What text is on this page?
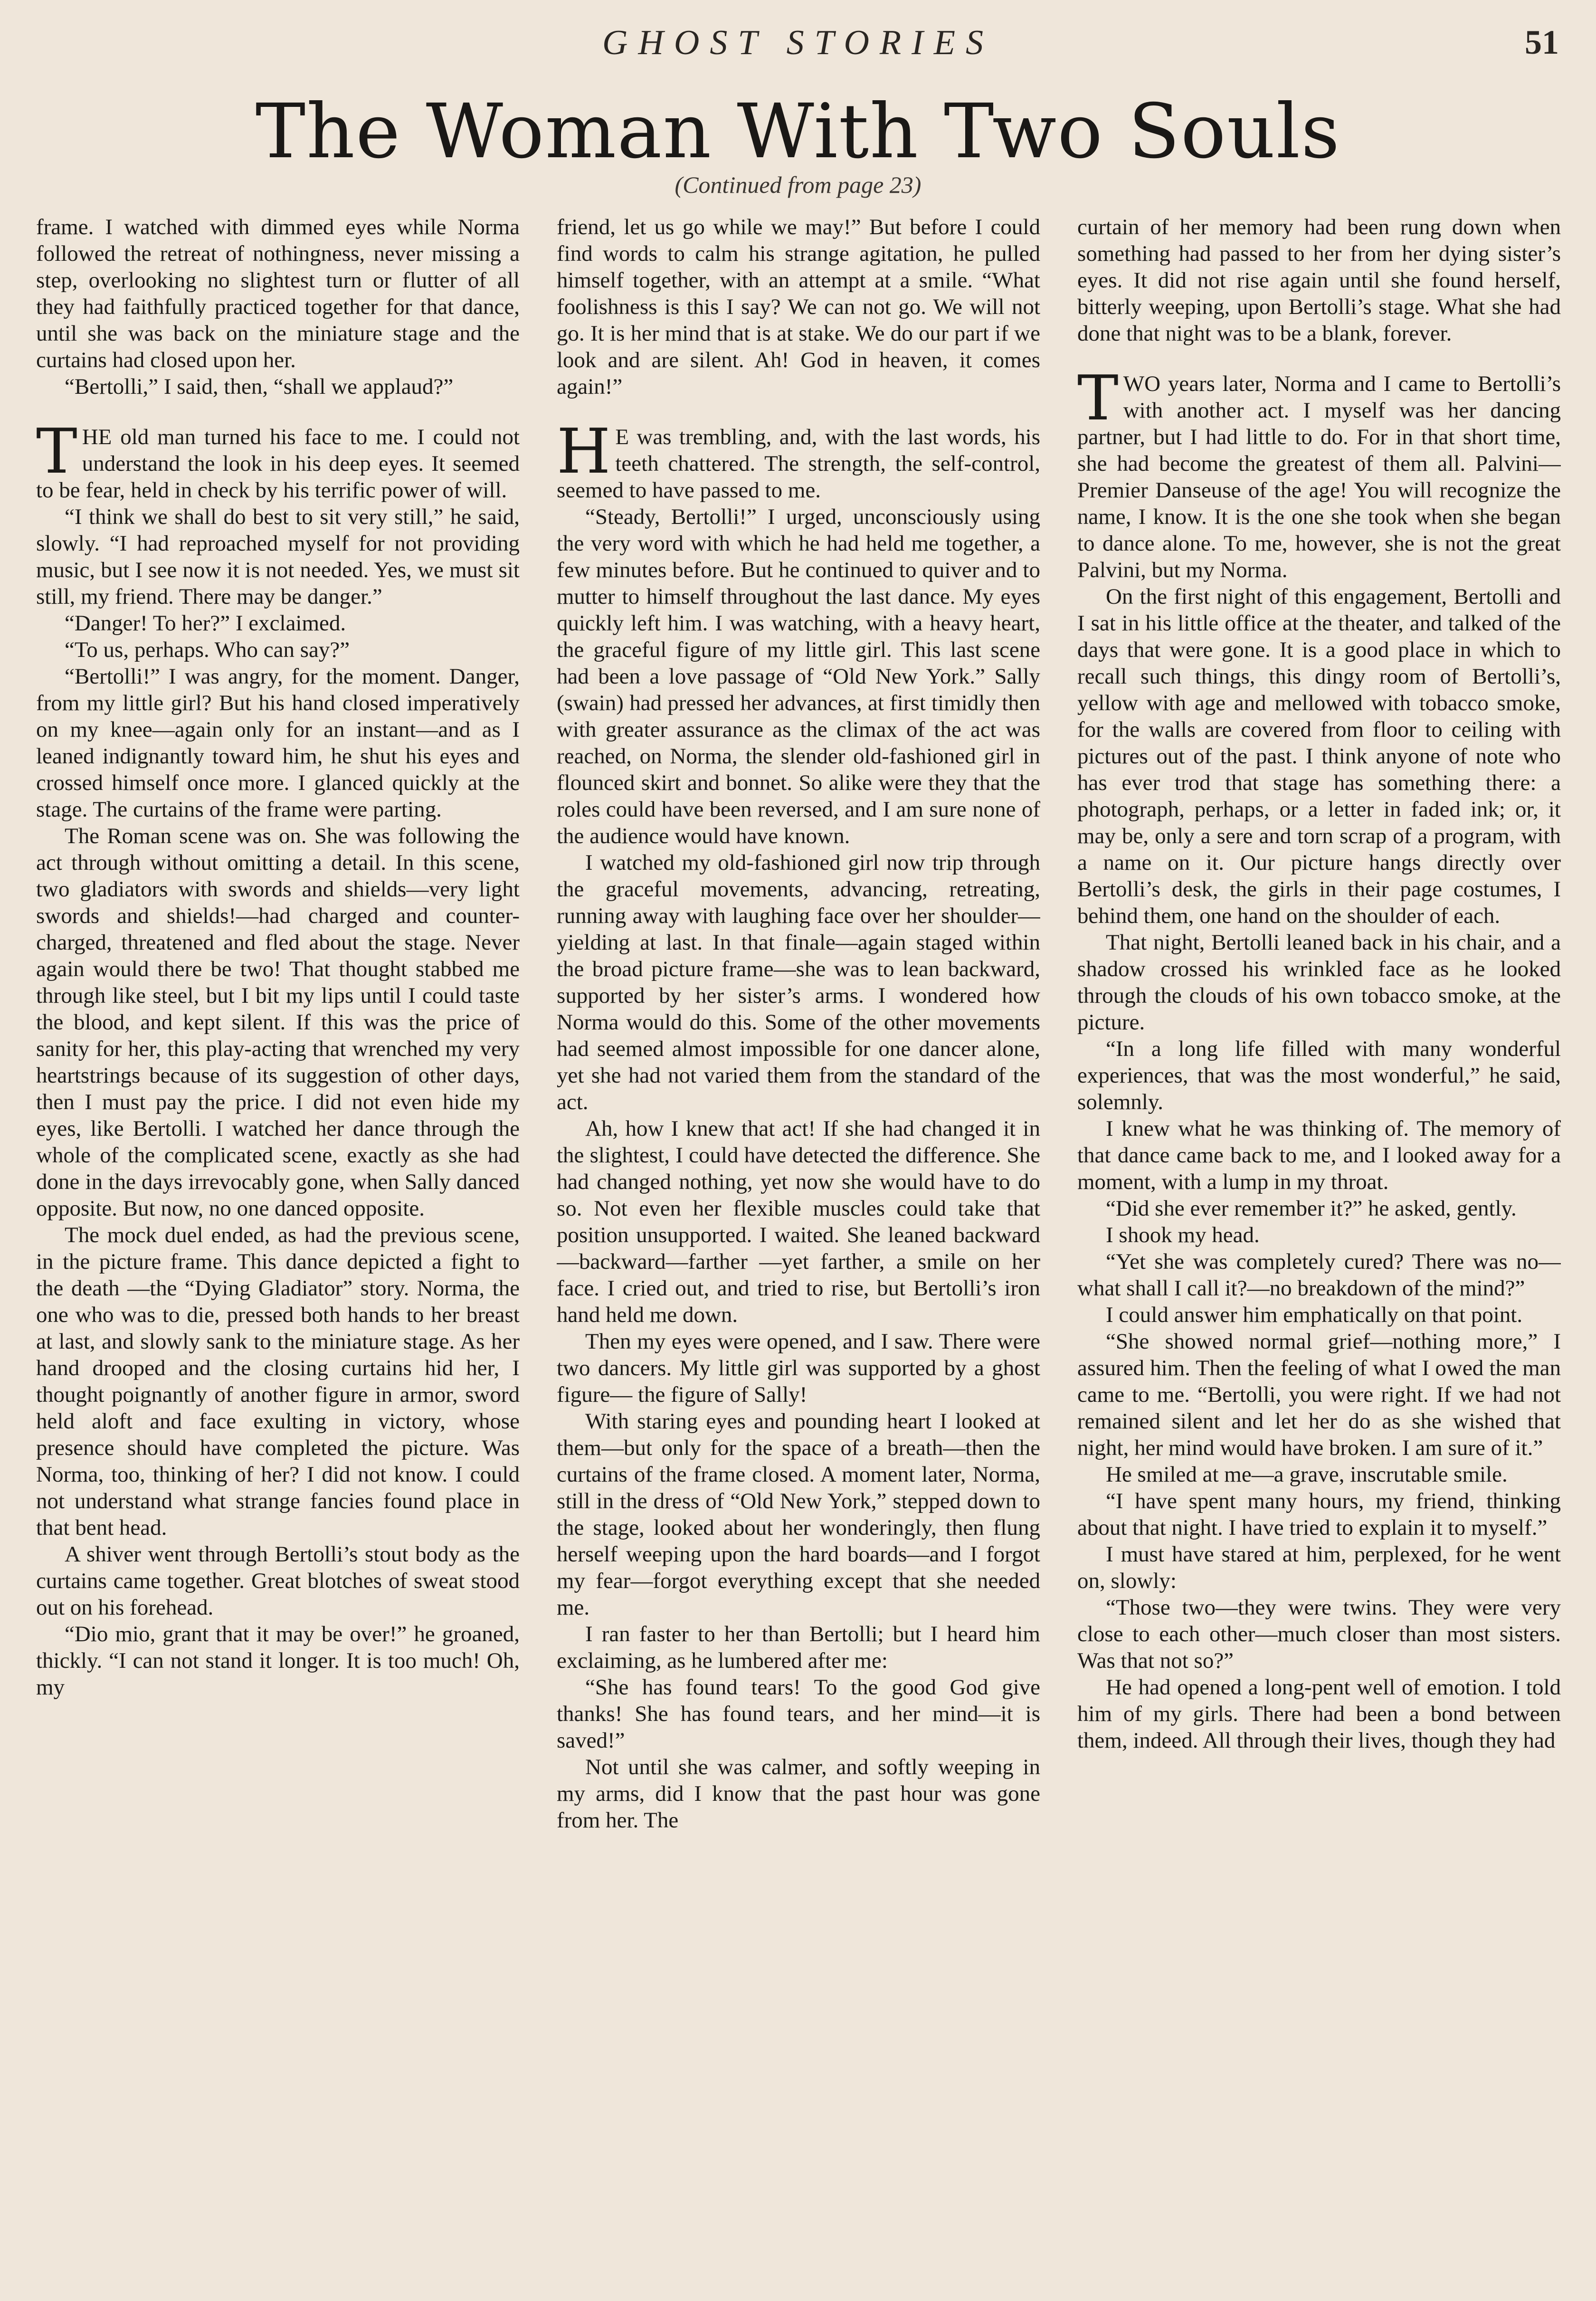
GHOST STORIES	51
The Woman With Two Souls
(Continued from page 23)

frame. I watched with dimmed eyes while Norma followed the retreat of nothingness, never missing a step, overlooking no slightest turn or flutter of all they had faithfully practiced together for that dance, until she was back on the miniature stage and the curtains had closed upon her.

“Bertolli,” I said, then, “shall we applaud?”

THE old man turned his face to me. I could not understand the look in his deep eyes. It seemed to be fear, held in check by his terrific power of will.

“I think we shall do best to sit very still,” he said, slowly. “I had reproached myself for not providing music, but I see now it is not needed. Yes, we must sit still, my friend. There may be danger.”

“Danger! To her?” I exclaimed.

“To us, perhaps. Who can say?”

“Bertolli!” I was angry, for the moment. Danger, from my little girl? But his hand closed imperatively on my knee—again only for an instant—and as I leaned indignantly toward him, he shut his eyes and crossed himself once more. I glanced quickly at the stage. The curtains of the frame were parting.

The Roman scene was on. She was following the act through without omitting a detail. In this scene, two gladiators with swords and shields—very light swords and shields!—had charged and counter-charged, threatened and fled about the stage. Never again would there be two! That thought stabbed me through like steel, but I bit my lips until I could taste the blood, and kept silent. If this was the price of sanity for her, this play-acting that wrenched my very heartstrings because of its suggestion of other days, then I must pay the price. I did not even hide my eyes, like Bertolli. I watched her dance through the whole of the complicated scene, exactly as she had done in the days irrevocably gone, when Sally danced opposite. But now, no one danced opposite.

The mock duel ended, as had the previous scene, in the picture frame. This dance depicted a fight to the death —the “Dying Gladiator” story. Norma, the one who was to die, pressed both hands to her breast at last, and slowly sank to the miniature stage. As her hand drooped and the closing curtains hid her, I thought poignantly of another figure in armor, sword held aloft and face exulting in victory, whose presence should have completed the picture. Was Norma, too, thinking of her? I did not know. I could not understand what strange fancies found place in that bent head.

A shiver went through Bertolli’s stout body as the curtains came together. Great blotches of sweat stood out on his forehead.

“Dio mio, grant that it may be over!” he groaned, thickly. “I can not stand it longer. It is too much! Oh, my

friend, let us go while we may!” But before I could find words to calm his strange agitation, he pulled himself together, with an attempt at a smile. “What foolishness is this I say? We can not go. We will not go. It is her mind that is at stake. We do our part if we look and are silent. Ah! God in heaven, it comes again!”

H E was trembling, and, with the last words, his teeth chattered. The strength, the self-control, seemed to have passed to me.

“Steady, Bertolli!” I urged, unconsciously using the very word with which he had held me together, a few minutes before. But he continued to quiver and to mutter to himself throughout the last dance. My eyes quickly left him. I was watching, with a heavy heart, the graceful figure of my little girl. This last scene had been a love passage of “Old New York.” Sally (swain) had pressed her advances, at first timidly then with greater assurance as the climax of the act was reached, on Norma, the slender old-fashioned girl in flounced skirt and bonnet. So alike were they that the roles could have been reversed, and I am sure none of the audience would have known.

I watched my old-fashioned girl now trip through the graceful movements, advancing, retreating, running away with laughing face over her shoulder—yielding at last. In that finale—again staged within the broad picture frame—she was to lean backward, supported by her sister’s arms. I wondered how Norma would do this. Some of the other movements had seemed almost impossible for one dancer alone, yet she had not varied them from the standard of the act.

Ah, how I knew that act! If she had changed it in the slightest, I could have detected the difference. She had changed nothing, yet now she would have to do so. Not even her flexible muscles could take that position unsupported. I waited. She leaned backward—backward—farther —yet farther, a smile on her face. I cried out, and tried to rise, but Bertolli’s iron hand held me down.

Then my eyes were opened, and I saw. There were two dancers. My little girl was supported by a ghost figure— the figure of Sally!

With staring eyes and pounding heart I looked at them—but only for the space of a breath—then the curtains of the frame closed. A moment later, Norma, still in the dress of “Old New York,” stepped down to the stage, looked about her wonderingly, then flung herself weeping upon the hard boards—and I forgot my fear—forgot everything except that she needed me.

I ran faster to her than Bertolli; but I heard him exclaiming, as he lumbered after me:

“She has found tears! To the good God give thanks! She has found tears, and her mind—it is saved!”

Not until she was calmer, and softly weeping in my arms, did I know that the past hour was gone from her. The

curtain of her memory had been rung down when something had passed to her from her dying sister’s eyes. It did not rise again until she found herself, bitterly weeping, upon Bertolli’s stage. What she had done that night was to be a blank, forever.

TWO years later, Norma and I came to Bertolli’s with another act. I myself was her dancing partner, but I had little to do. For in that short time, she had become the greatest of them all. Palvini—Premier Danseuse of the age! You will recognize the name, I know. It is the one she took when she began to dance alone. To me, however, she is not the great Palvini, but my Norma.

On the first night of this engagement, Bertolli and I sat in his little office at the theater, and talked of the days that were gone. It is a good place in which to recall such things, this dingy room of Bertolli’s, yellow with age and mellowed with tobacco smoke, for the walls are covered from floor to ceiling with pictures out of the past. I think anyone of note who has ever trod that stage has something there: a photograph, perhaps, or a letter in faded ink; or, it may be, only a sere and torn scrap of a program, with a name on it. Our picture hangs directly over Bertolli’s desk, the girls in their page costumes, I behind them, one hand on the shoulder of each.

That night, Bertolli leaned back in his chair, and a shadow crossed his wrinkled face as he looked through the clouds of his own tobacco smoke, at the picture.

“In a long life filled with many wonderful experiences, that was the most wonderful,” he said, solemnly.

I knew what he was thinking of. The memory of that dance came back to me, and I looked away for a moment, with a lump in my throat.

“Did she ever remember it?” he asked, gently.

I shook my head.

“Yet she was completely cured? There was no—what shall I call it?—no breakdown of the mind?”

I could answer him emphatically on that point.

“She showed normal grief—nothing more,” I assured him. Then the feeling of what I owed the man came to me. “Bertolli, you were right. If we had not remained silent and let her do as she wished that night, her mind would have broken. I am sure of it.”

He smiled at me—a grave, inscrutable smile.

“I have spent many hours, my friend, thinking about that night. I have tried to explain it to myself.”

I must have stared at him, perplexed, for he went on, slowly:

“Those two—they were twins. They were very close to each other—much closer than most sisters. Was that not so?”

He had opened a long-pent well of emotion. I told him of my girls. There had been a bond between them, indeed. All through their lives, though they had
